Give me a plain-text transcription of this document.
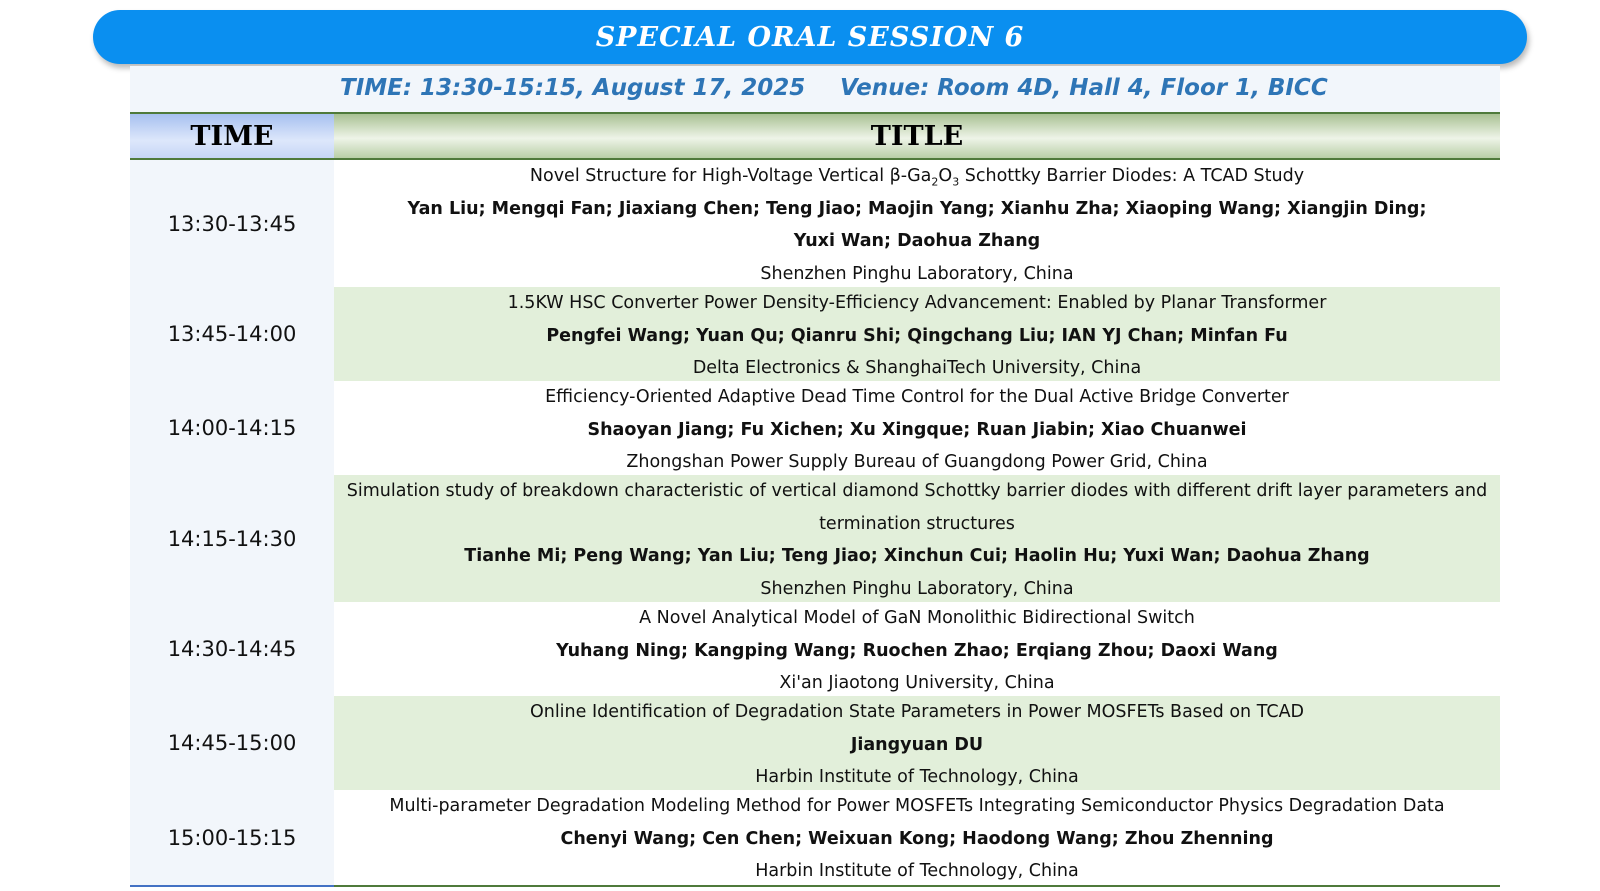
SPECIAL ORAL SESSION 6
TIME: 13:30-15:15, August 17, 2025 Venue: Room 4D, Hall 4, Floor 1, BICC
TIME	TITLE
13:30-13:45
Novel Structure for High-Voltage Vertical $\beta-Ga_2O_3$ Schottky Barrier Diodes: A TCAD Study
Yan Liu; Mengqi Fan; Jiaxiang Chen; Teng Jiao; Maojin Yang; Xianhu Zha; Xiaoping Wang; Xiangjin Ding;
Yuxi Wan; Daohua Zhang
Shenzhen Pinghu Laboratory, China
13:45-14:00
1.5KW HSC Converter Power Density-Efficiency Advancement: Enabled by Planar Transformer
Pengfei Wang; Yuan Qu; Qianru Shi; Qingchang Liu; IAN YJ Chan; Minfan Fu
Delta Electronics & ShanghaiTech University, China
14:00-14:15
Efficiency-Oriented Adaptive Dead Time Control for the Dual Active Bridge Converter
Shaoyan Jiang; Fu Xichen; Xu Xingque; Ruan Jiabin; Xiao Chuanwei
Zhongshan Power Supply Bureau of Guangdong Power Grid, China
14:15-14:30
Simulation study of breakdown characteristic of vertical diamond Schottky barrier diodes with different drift layer parameters and
termination structures
Tianhe Mi; Peng Wang; Yan Liu; Teng Jiao; Xinchun Cui; Haolin Hu; Yuxi Wan; Daohua Zhang
Shenzhen Pinghu Laboratory, China
14:30-14:45
A Novel Analytical Model of GaN Monolithic Bidirectional Switch
Yuhang Ning; Kangping Wang; Ruochen Zhao; Erqiang Zhou; Daoxi Wang
Xi'an Jiaotong University, China
14:45-15:00
Online Identification of Degradation State Parameters in Power MOSFETs Based on TCAD
Jiangyuan DU
Harbin Institute of Technology, China
15:00-15:15
Multi-parameter Degradation Modeling Method for Power MOSFETs Integrating Semiconductor Physics Degradation Data
Chenyi Wang; Cen Chen; Weixuan Kong; Haodong Wang; Zhou Zhenning
Harbin Institute of Technology, China
